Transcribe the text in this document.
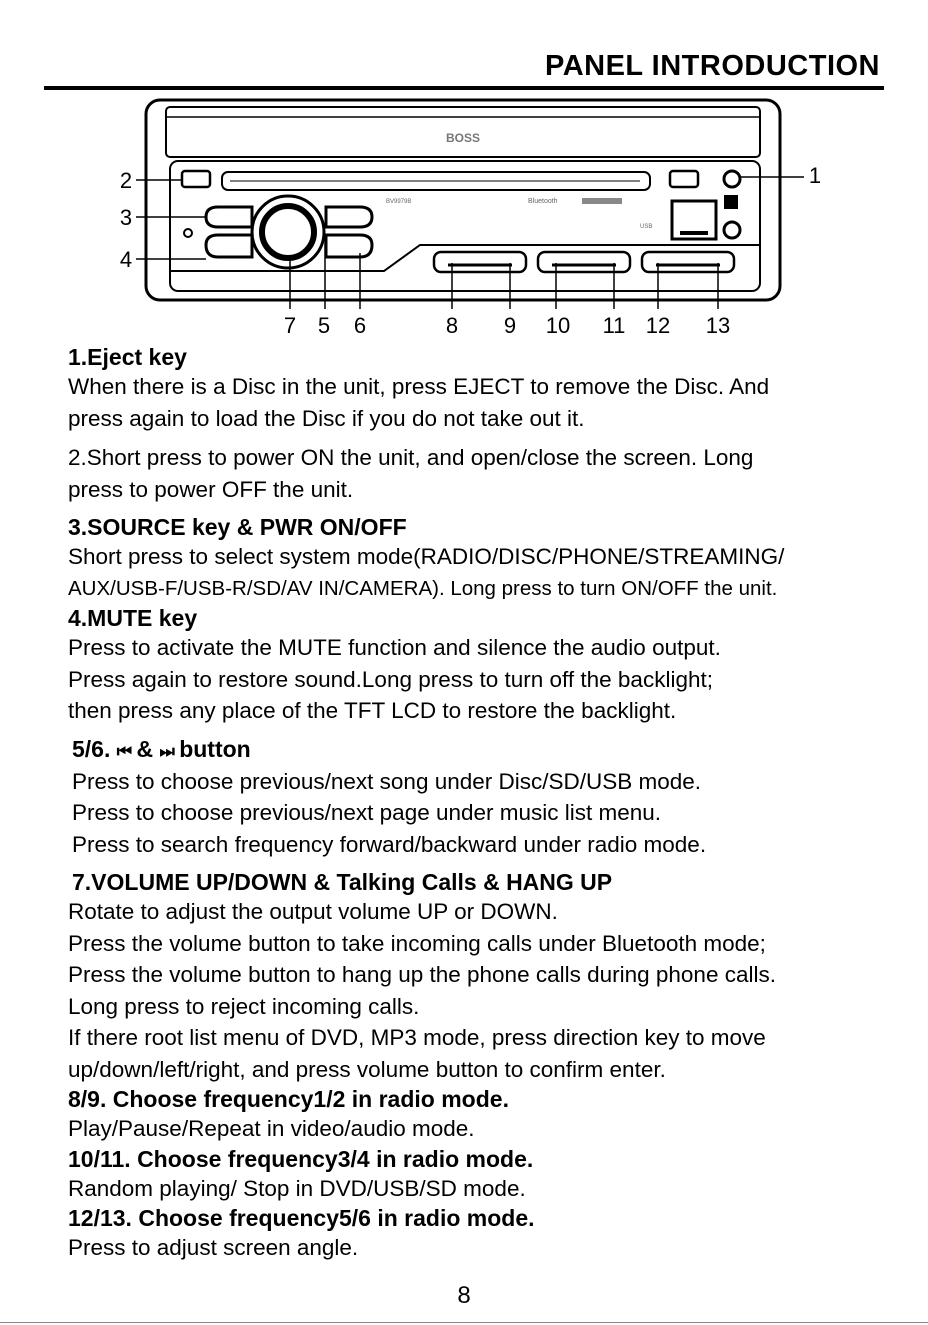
PANEL INTRODUCTION
BOSS
USB
BV9979B	Bluetooth
2
3
4
1
7 5 6	8 9 10 11 12 13

1.Eject key

When there is a Disc in the unit, press EJECT to remove the Disc. And

press again to load the Disc if you do not take out it.

2.Short press to power ON the unit, and open/close the screen. Long

press to power OFF the unit.

3.SOURCE key & PWR ON/OFF

Short press to select system mode(RADIO/DISC/PHONE/STREAMING/

AUX/USB-F/USB-R/SD/AV IN/CAMERA). Long press to turn ON/OFF the unit.

4.MUTE key

Press to activate the MUTE function and silence the audio output.

Press again to restore sound.Long press to turn off the backlight;

then press any place of the TFT LCD to restore the backlight.

5/6. ⏮ & ⏭ button

Press to choose previous/next song under Disc/SD/USB mode.

Press to choose previous/next page under music list menu.

Press to search frequency forward/backward under radio mode.

7.VOLUME UP/DOWN & Talking Calls & HANG UP

Rotate to adjust the output volume UP or DOWN.

Press the volume button to take incoming calls under Bluetooth mode;

Press the volume button to hang up the phone calls during phone calls.

Long press to reject incoming calls.

If there root list menu of DVD, MP3 mode, press direction key to move

up/down/left/right, and press volume button to confirm enter.

8/9. Choose frequency1/2 in radio mode.

Play/Pause/Repeat in video/audio mode.

10/11. Choose frequency3/4 in radio mode.

Random playing/ Stop in DVD/USB/SD mode.

12/13. Choose frequency5/6 in radio mode.

Press to adjust screen angle.

8
